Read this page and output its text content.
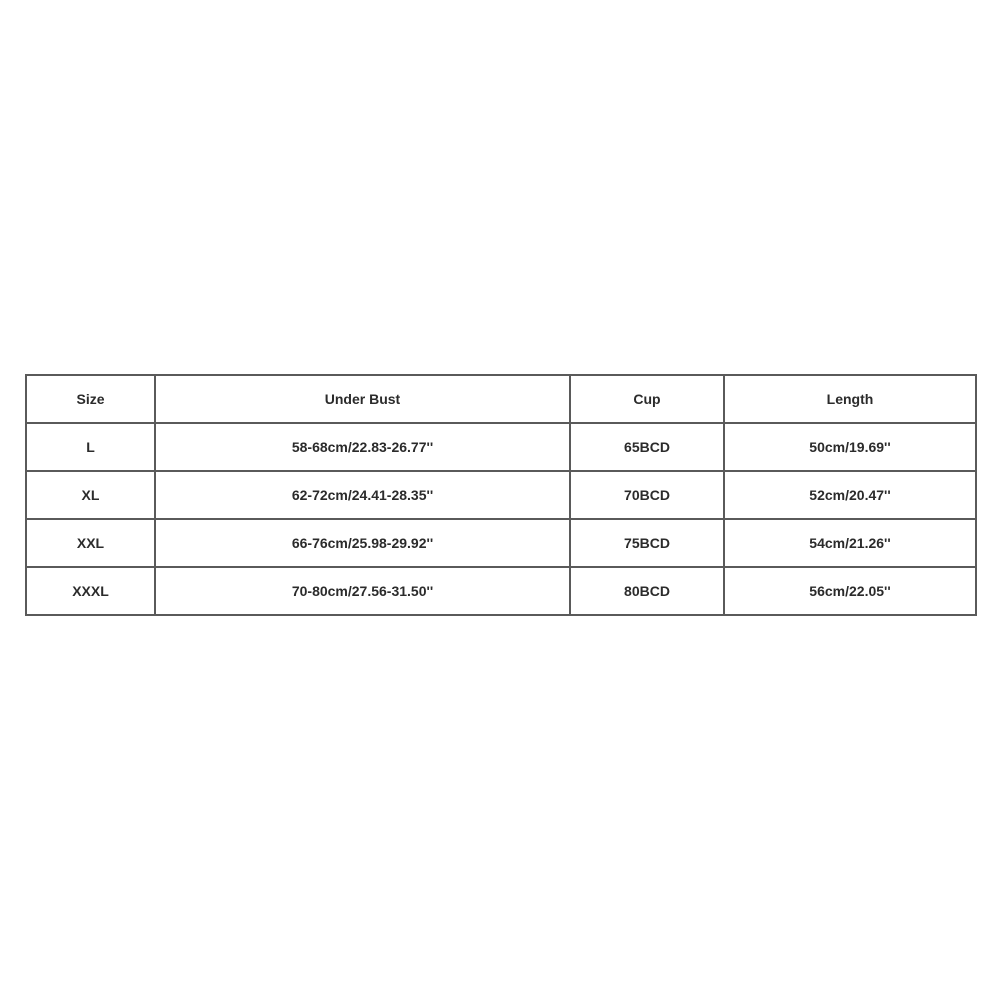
Size	Under Bust	Cup	Length
L	58-68cm/22.83-26.77''	65BCD	50cm/19.69''
XL	62-72cm/24.41-28.35''	70BCD	52cm/20.47''
XXL	66-76cm/25.98-29.92''	75BCD	54cm/21.26''
XXXL	70-80cm/27.56-31.50''	80BCD	56cm/22.05''
